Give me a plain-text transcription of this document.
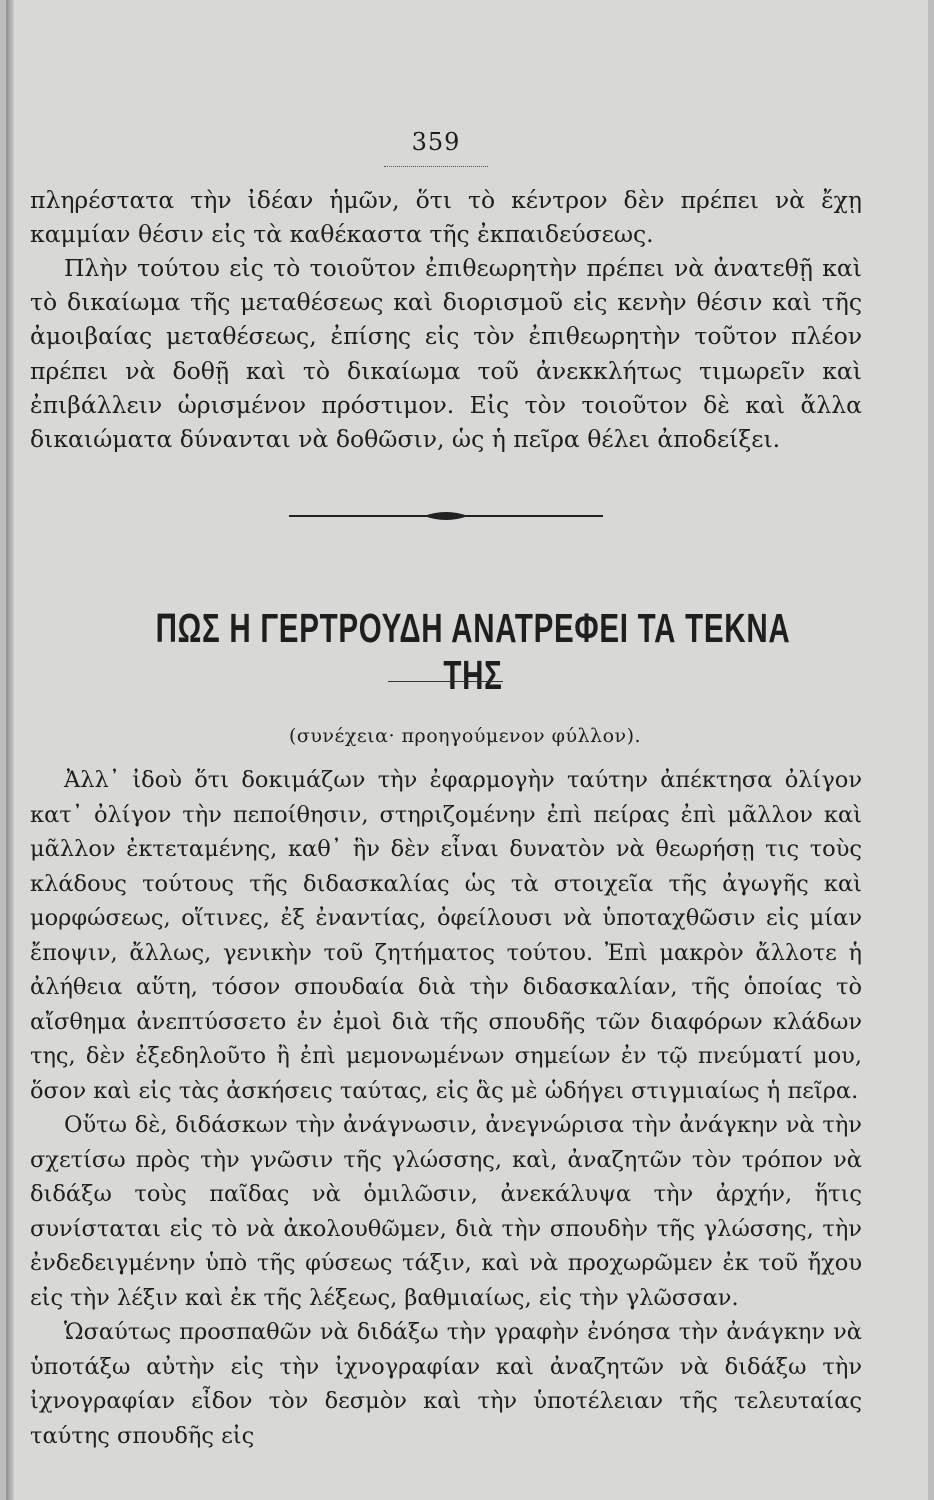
359

πληρέστατα τὴν ἰδέαν ἡμῶν, ὅτι τὸ κέντρον δὲν πρέπει νὰ ἔχῃ καμμίαν θέσιν εἰς τὰ καθέκαστα τῆς ἐκπαιδεύσεως.

Πλὴν τούτου εἰς τὸ τοιοῦτον ἐπιθεωρητὴν πρέπει νὰ ἀνατεθῇ καὶ τὸ δικαίωμα τῆς μεταθέσεως καὶ διορισμοῦ εἰς κενὴν θέσιν καὶ τῆς ἀμοιβαίας μεταθέσεως, ἐπίσης εἰς τὸν ἐπιθεωρητὴν τοῦτον πλέον πρέπει νὰ δοθῇ καὶ τὸ δικαίωμα τοῦ ἀνεκκλήτως τιμωρεῖν καὶ ἐπιβάλλειν ὡρισμένον πρόστιμον. Εἰς τὸν τοιοῦτον δὲ καὶ ἄλλα δικαιώματα δύνανται νὰ δοθῶσιν, ὡς ἡ πεῖρα θέλει ἀποδείξει.

ΠΩΣ Η ΓΕΡΤΡΟΥΔΗ ΑΝΑΤΡΕΦΕΙ ΤΑ ΤΕΚΝΑ ΤΗΣ
(συνέχεια· προηγούμενον φύλλον).

Ἀλλ᾽ ἰδοὺ ὅτι δοκιμάζων τὴν ἐφαρμογὴν ταύτην ἀπέκτησα ὀλίγον κατ᾽ ὀλίγον τὴν πεποίθησιν, στηριζομένην ἐπὶ πείρας ἐπὶ μᾶλλον καὶ μᾶλλον ἐκτεταμένης, καθ᾽ ἣν δὲν εἶναι δυνατὸν νὰ θεωρήσῃ τις τοὺς κλάδους τούτους τῆς διδασκαλίας ὡς τὰ στοιχεῖα τῆς ἀγωγῆς καὶ μορφώσεως, οἵτινες, ἐξ ἐναντίας, ὀφείλουσι νὰ ὑποταχθῶσιν εἰς μίαν ἔποψιν, ἄλλως, γενικὴν τοῦ ζητήματος τούτου. Ἐπὶ μακρὸν ἄλλοτε ἡ ἀλήθεια αὕτη, τόσον σπουδαία διὰ τὴν διδασκαλίαν, τῆς ὁποίας τὸ αἴσθημα ἀνεπτύσσετο ἐν ἐμοὶ διὰ τῆς σπουδῆς τῶν διαφόρων κλάδων της, δὲν ἐξεδηλοῦτο ἢ ἐπὶ μεμονωμένων σημείων ἐν τῷ πνεύματί μου, ὅσον καὶ εἰς τὰς ἀσκήσεις ταύτας, εἰς ἃς μὲ ὡδήγει στιγμιαίως ἡ πεῖρα.

Οὕτω δὲ, διδάσκων τὴν ἀνάγνωσιν, ἀνεγνώρισα τὴν ἀνάγκην νὰ τὴν σχετίσω πρὸς τὴν γνῶσιν τῆς γλώσσης, καὶ, ἀναζητῶν τὸν τρόπον νὰ διδάξω τοὺς παῖδας νὰ ὁμιλῶσιν, ἀνεκάλυψα τὴν ἀρχήν, ἥτις συνίσταται εἰς τὸ νὰ ἀκολουθῶμεν, διὰ τὴν σπουδὴν τῆς γλώσσης, τὴν ἐνδεδειγμένην ὑπὸ τῆς φύσεως τάξιν, καὶ νὰ προχωρῶμεν ἐκ τοῦ ἤχου εἰς τὴν λέξιν καὶ ἐκ τῆς λέξεως, βαθμιαίως, εἰς τὴν γλῶσσαν.

Ὡσαύτως προσπαθῶν νὰ διδάξω τὴν γραφὴν ἐνόησα τὴν ἀνάγκην νὰ ὑποτάξω αὐτὴν εἰς τὴν ἰχνογραφίαν καὶ ἀναζητῶν νὰ διδάξω τὴν ἰχνογραφίαν εἶδον τὸν δεσμὸν καὶ τὴν ὑποτέλειαν τῆς τελευταίας ταύτης σπουδῆς εἰς
